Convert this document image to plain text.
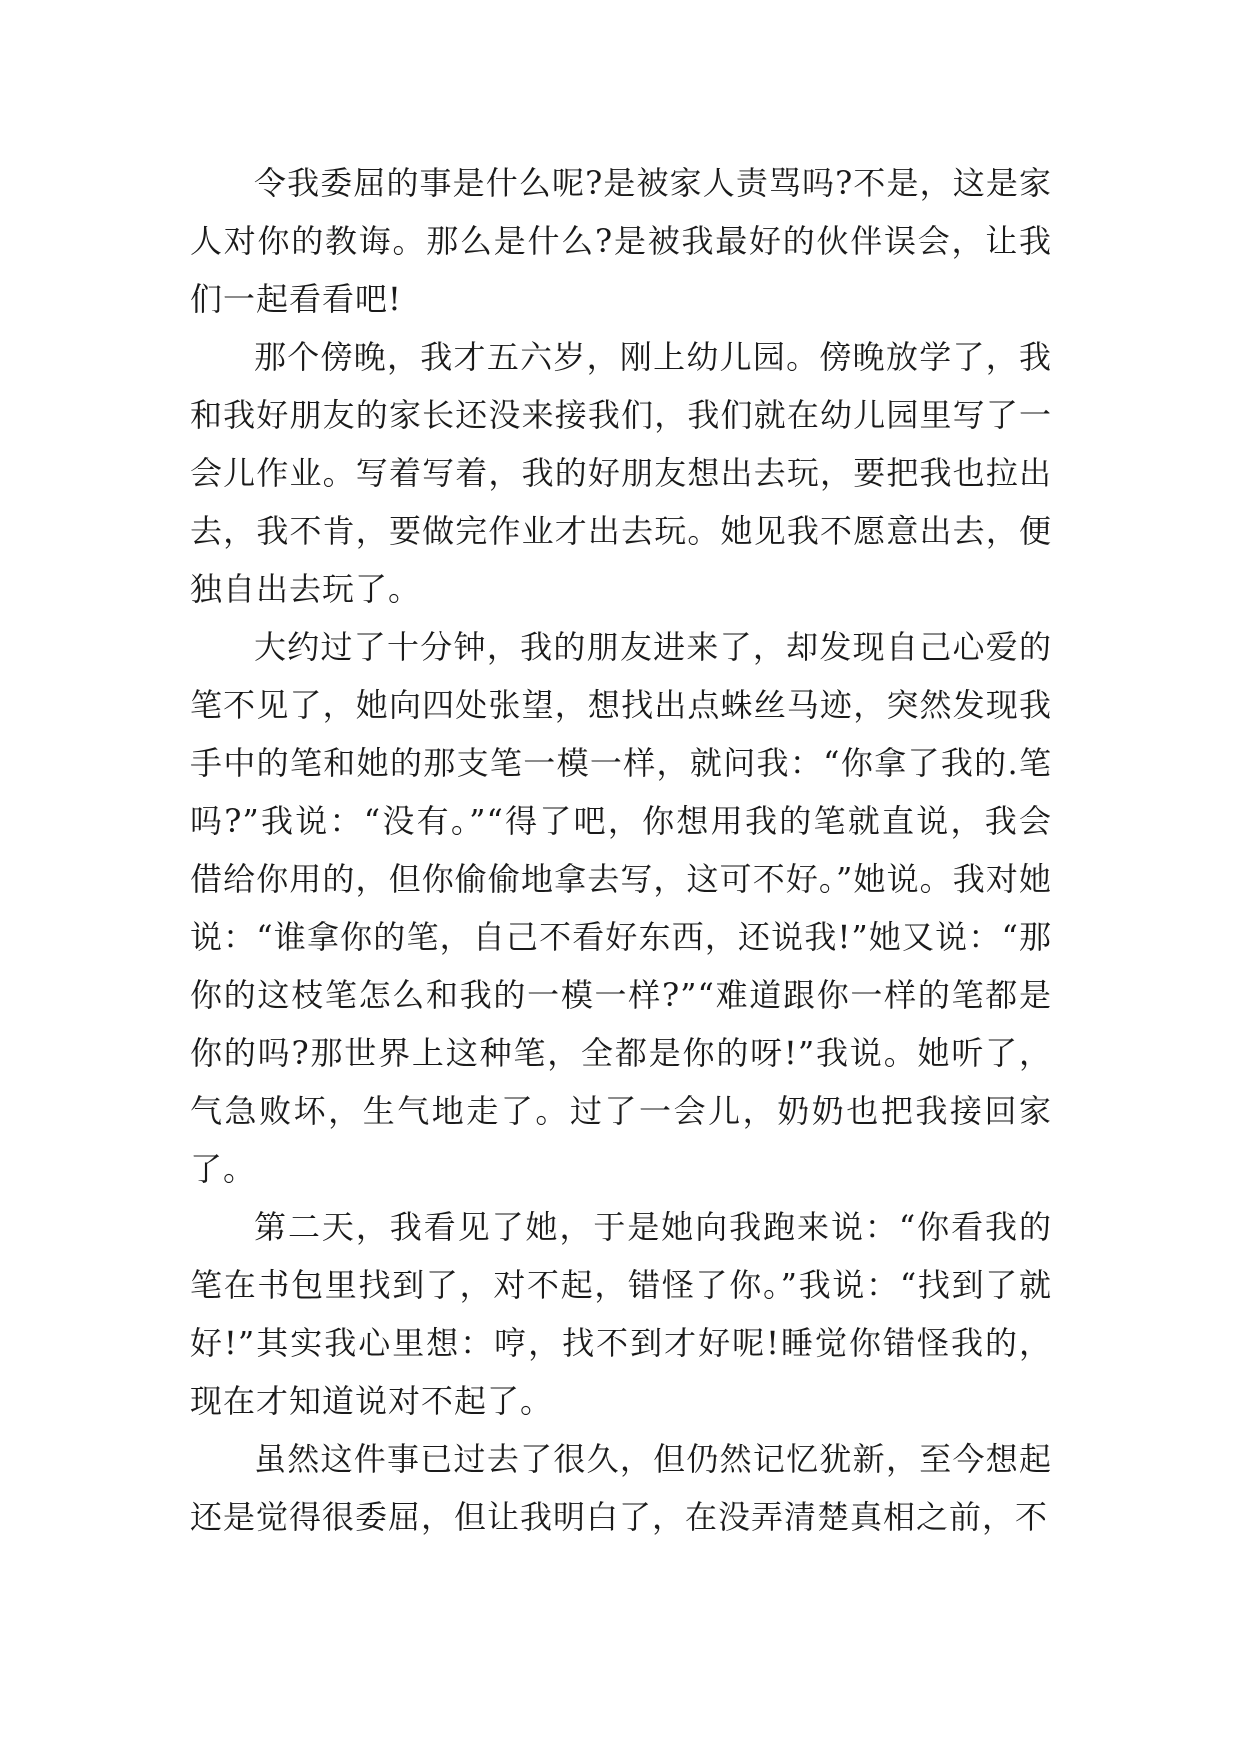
令我委屈的事是什么呢?是被家人责骂吗?不是，这是家人对你的教诲。那么是什么?是被我最好的伙伴误会，让我们一起看看吧!

那个傍晚，我才五六岁，刚上幼儿园。傍晚放学了，我和我好朋友的家长还没来接我们，我们就在幼儿园里写了一会儿作业。写着写着，我的好朋友想出去玩，要把我也拉出去，我不肯，要做完作业才出去玩。她见我不愿意出去，便独自出去玩了。

大约过了十分钟，我的朋友进来了，却发现自己心爱的笔不见了，她向四处张望，想找出点蛛丝马迹，突然发现我手中的笔和她的那支笔一模一样，就问我：“你拿了我的.笔吗?”我说：“没有。”“得了吧，你想用我的笔就直说，我会借给你用的，但你偷偷地拿去写，这可不好。”她说。我对她说：“谁拿你的笔，自己不看好东西，还说我!”她又说：“那你的这枝笔怎么和我的一模一样?”“难道跟你一样的笔都是你的吗?那世界上这种笔，全都是你的呀!”我说。她听了，气急败坏，生气地走了。过了一会儿，奶奶也把我接回家了。

第二天，我看见了她，于是她向我跑来说：“你看我的笔在书包里找到了，对不起，错怪了你。”我说：“找到了就好!”其实我心里想：哼，找不到才好呢!睡觉你错怪我的，现在才知道说对不起了。

虽然这件事已过去了很久，但仍然记忆犹新，至今想起还是觉得很委屈，但让我明白了，在没弄清楚真相之前，不
